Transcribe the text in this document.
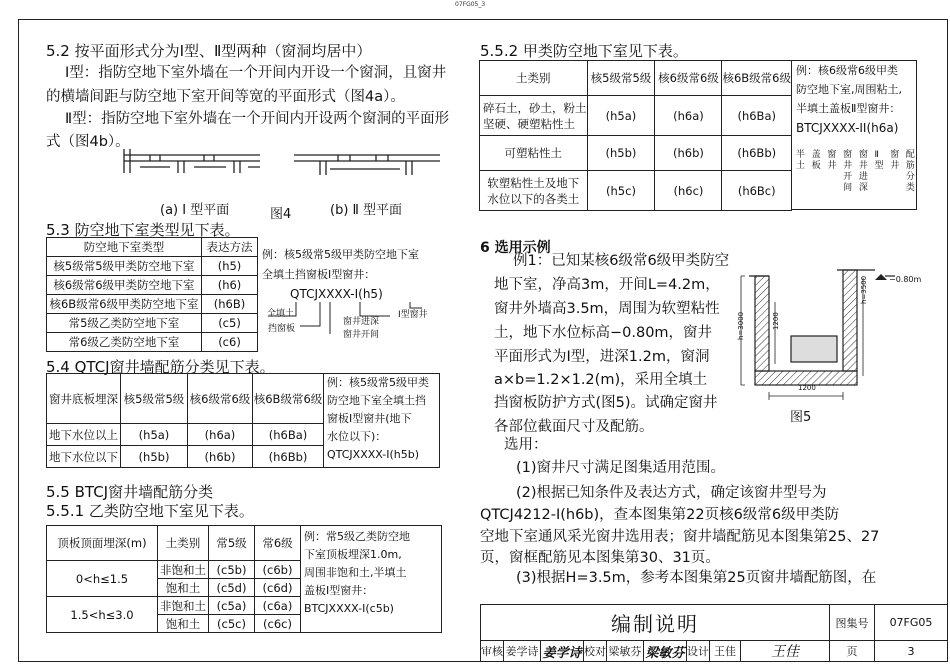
07FG05_3
5.2 按平面形式分为Ⅰ型、Ⅱ型两种（窗洞均居中）
Ⅰ型：指防空地下室外墙在一个开间内开设一个窗洞，且窗井
的横墙间距与防空地下室开间等宽的平面形式（图4a）。
Ⅱ型：指防空地下室外墙在一个开间内开设两个窗洞的平面形
式（图4b）。
(a) Ⅰ 型平面	图4	(b) Ⅱ 型平面
5.3 防空地下室类型见下表。
防空地下室类型	表达方法
核5级常5级甲类防空地下室	(h5)
核6级常6级甲类防空地下室	(h6)
核6B级常6级甲类防空地下室	(h6B)
常5级乙类防空地下室	(c5)
常6级乙类防空地下室	(c6)
例：核5级常5级甲类防空地下室
全填土挡窗板Ⅰ型窗井：
QTCJXXXX-I(h5)
全填土
挡窗板
窗井进深
窗井开间
Ⅰ型窗井
5.4 QTCJ窗井墙配筋分类见下表。
窗井底板埋深	核5级常5级	核6级常6级	核6B级常6级	例：核5级常5级甲类
防空地下室全填土挡
窗板Ⅰ型窗井(地下
水位以下)：
QTCJXXXX-I(h5b)

地下水位以上	(h5a)	(h6a)	(h6Ba)	
地下水位以下	(h5b)	(h6b)	(h6Bb)	
5.5 BTCJ窗井墙配筋分类
5.5.1 乙类防空地下室见下表。
顶板顶面埋深(m)	土类别	常5级	常6级	例：常5级乙类防空地
下室顶板埋深1.0m,
周围非饱和土,半填土
盖板Ⅰ型窗井：
BTCJXXXX-I(c5b)

0<h≤1.5	非饱和土	(c5b)	(c6b)	
	饱和土	(c5d)	(c6d)	
1.5<h≤3.0	非饱和土	(c5a)	(c6a)	
	饱和土	(c5c)	(c6c)	
5.5.2 甲类防空地下室见下表。
土类别	核5级常5级	核6级常6级	核6B级常6级

碎石土，砂土，粉土
坚硬、硬塑粘性土	(h5a)	(h6a)	(h6Ba)
可塑粘性土	(h5b)	(h6b)	(h6Bb)

软塑粘性土及地下
水位以下的各类土	(h5c)	(h6c)	(h6Bc)
例：核6级常6级甲类
防空地下室,周围粘土,
半填土盖板Ⅱ型窗井：
BTCJXXXX-II(h6a)
半土
盖板
窗井
窗井开间
窗井进深
Ⅱ型
窗井
配筋分类
6 选用示例
例1：已知某核6级常6级甲类防空
地下室，净高3m，开间L=4.2m，
窗井外墙高3.5m，周围为软塑粘性
土，地下水位标高−0.80m，窗井
平面形式为Ⅰ型，进深1.2m，窗洞
a×b=1.2×1.2(m)，采用全填土
挡窗板防护方式(图5)。试确定窗井
各部位截面尺寸及配筋。
−0.80m
h=3500
h=3000	1200
1200
图5
选用：
(1)窗井尺寸满足图集适用范围。
(2)根据已知条件及表达方式，确定该窗井型号为
QTCJ4212-I(h6b)，查本图集第22页核6级常6级甲类防
空地下室通风采光窗井选用表；窗井墙配筋见本图集第25、27
页，窗框配筋见本图集第30、31页。
(3)根据H=3.5m，参考本图集第25页窗井墙配筋图，在
编制说明									图集号	07FG05
审核	姜学诗	姜学诗	校对	梁敏芬	梁敏芬	设计	王佳	王佳	页	3
